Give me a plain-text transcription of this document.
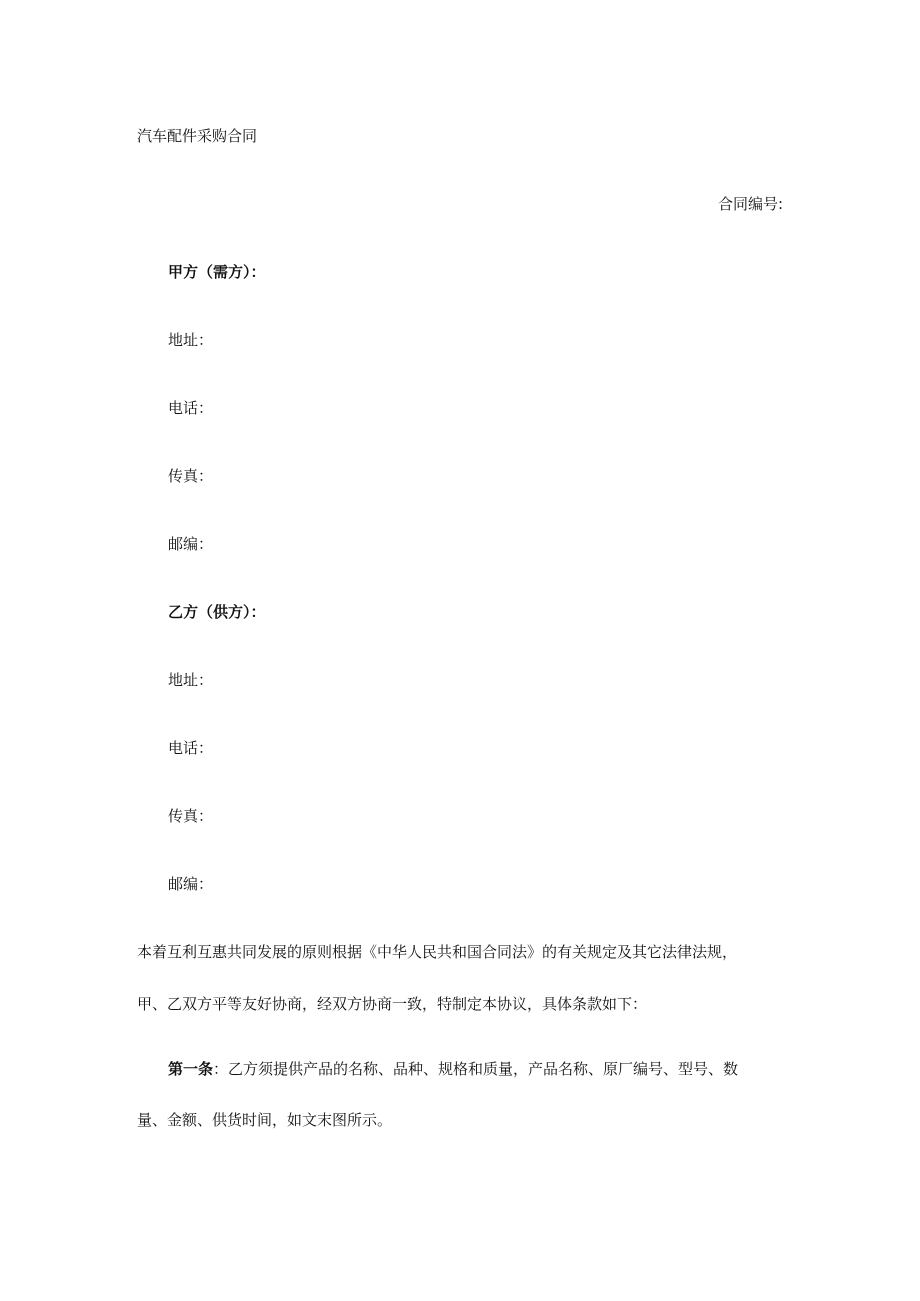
汽车配件采购合同
合同编号:
甲方（需方）：
地址：
电话：
传真：
邮编：
乙方（供方）：
地址：
电话：
传真：
邮编：
本着互利互惠共同发展的原则根据《中华人民共和国合同法》的有关规定及其它法律法规，
甲、乙双方平等友好协商，经双方协商一致，特制定本协议，具体条款如下：
第一条：乙方须提供产品的名称、品种、规格和质量，产品名称、原厂编号、型号、数
量、金额、供货时间，如文末图所示。
